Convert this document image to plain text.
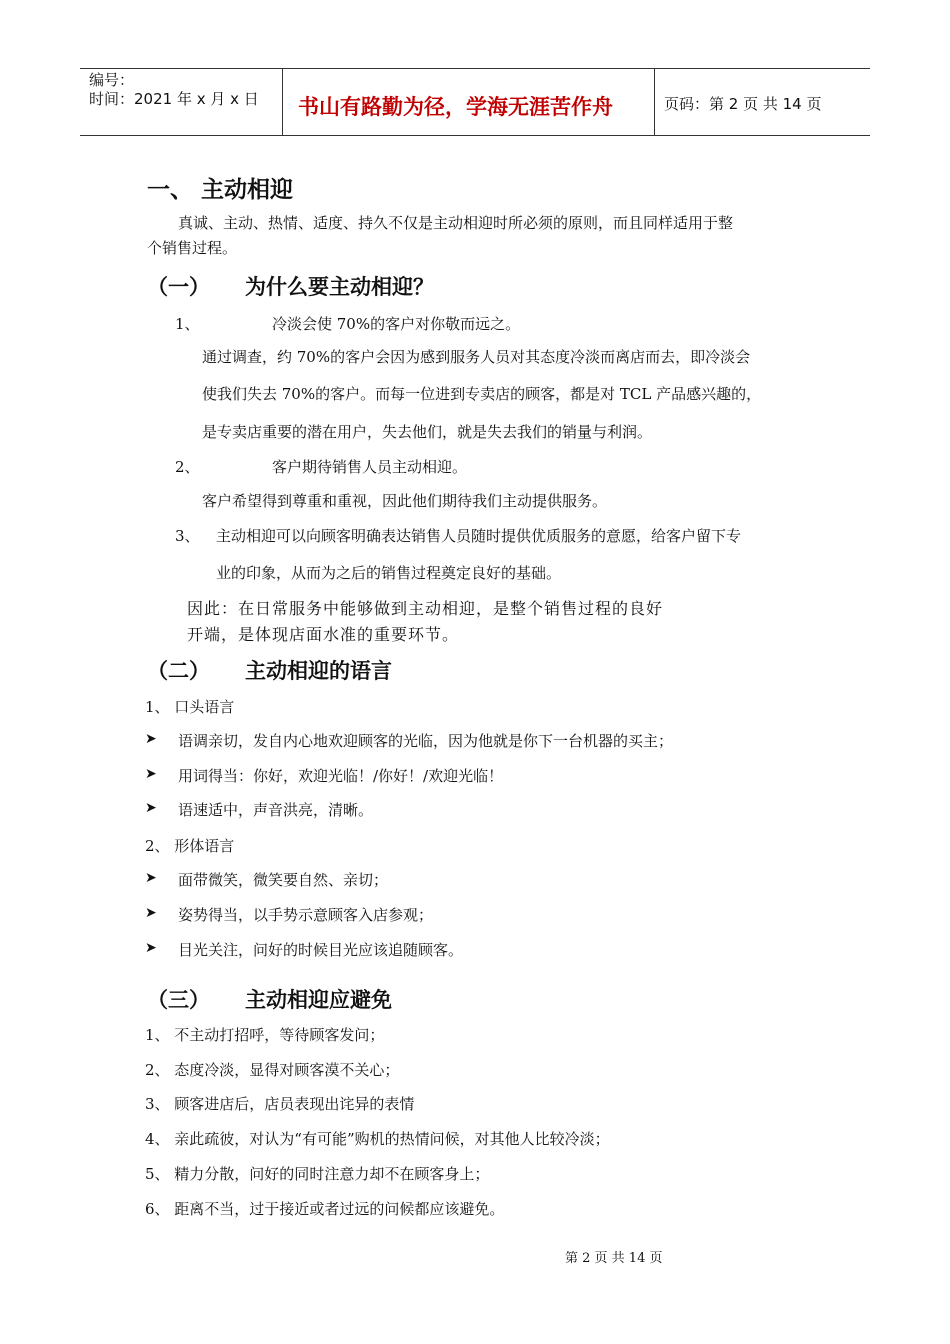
编号：
时间：2021 年 x 月 x 日 书山有路勤为径，学海无涯苦作舟	页码：第 2 页 共 14 页
一、 主动相迎
真诚、主动、热情、适度、持久不仅是主动相迎时所必须的原则，而且同样适用于整
个销售过程。
（一） 为什么要主动相迎？
1、	冷淡会使 70%的客户对你敬而远之。
通过调查，约 70%的客户会因为感到服务人员对其态度冷淡而离店而去，即冷淡会
使我们失去 70%的客户。而每一位进到专卖店的顾客，都是对 TCL 产品感兴趣的，
是专卖店重要的潜在用户，失去他们，就是失去我们的销量与利润。
2、	客户期待销售人员主动相迎。
客户希望得到尊重和重视，因此他们期待我们主动提供服务。
3、 主动相迎可以向顾客明确表达销售人员随时提供优质服务的意愿，给客户留下专
业的印象，从而为之后的销售过程奠定良好的基础。
因此：在日常服务中能够做到主动相迎，是整个销售过程的良好
开端，是体现店面水准的重要环节。
（二） 主动相迎的语言
1、 口头语言
➤ 语调亲切，发自内心地欢迎顾客的光临，因为他就是你下一台机器的买主；
➤ 用词得当：你好，欢迎光临！/你好！/欢迎光临！
➤ 语速适中，声音洪亮，清晰。
2、 形体语言
➤ 面带微笑，微笑要自然、亲切；
➤ 姿势得当，以手势示意顾客入店参观；
➤ 目光关注，问好的时候目光应该追随顾客。
（三） 主动相迎应避免
1、 不主动打招呼，等待顾客发问；
2、 态度冷淡，显得对顾客漠不关心；
3、 顾客进店后，店员表现出诧异的表情
4、 亲此疏彼，对认为“有可能”购机的热情问候，对其他人比较冷淡；
5、 精力分散，问好的同时注意力却不在顾客身上；
6、 距离不当，过于接近或者过远的问候都应该避免。
第 2 页 共 14 页
